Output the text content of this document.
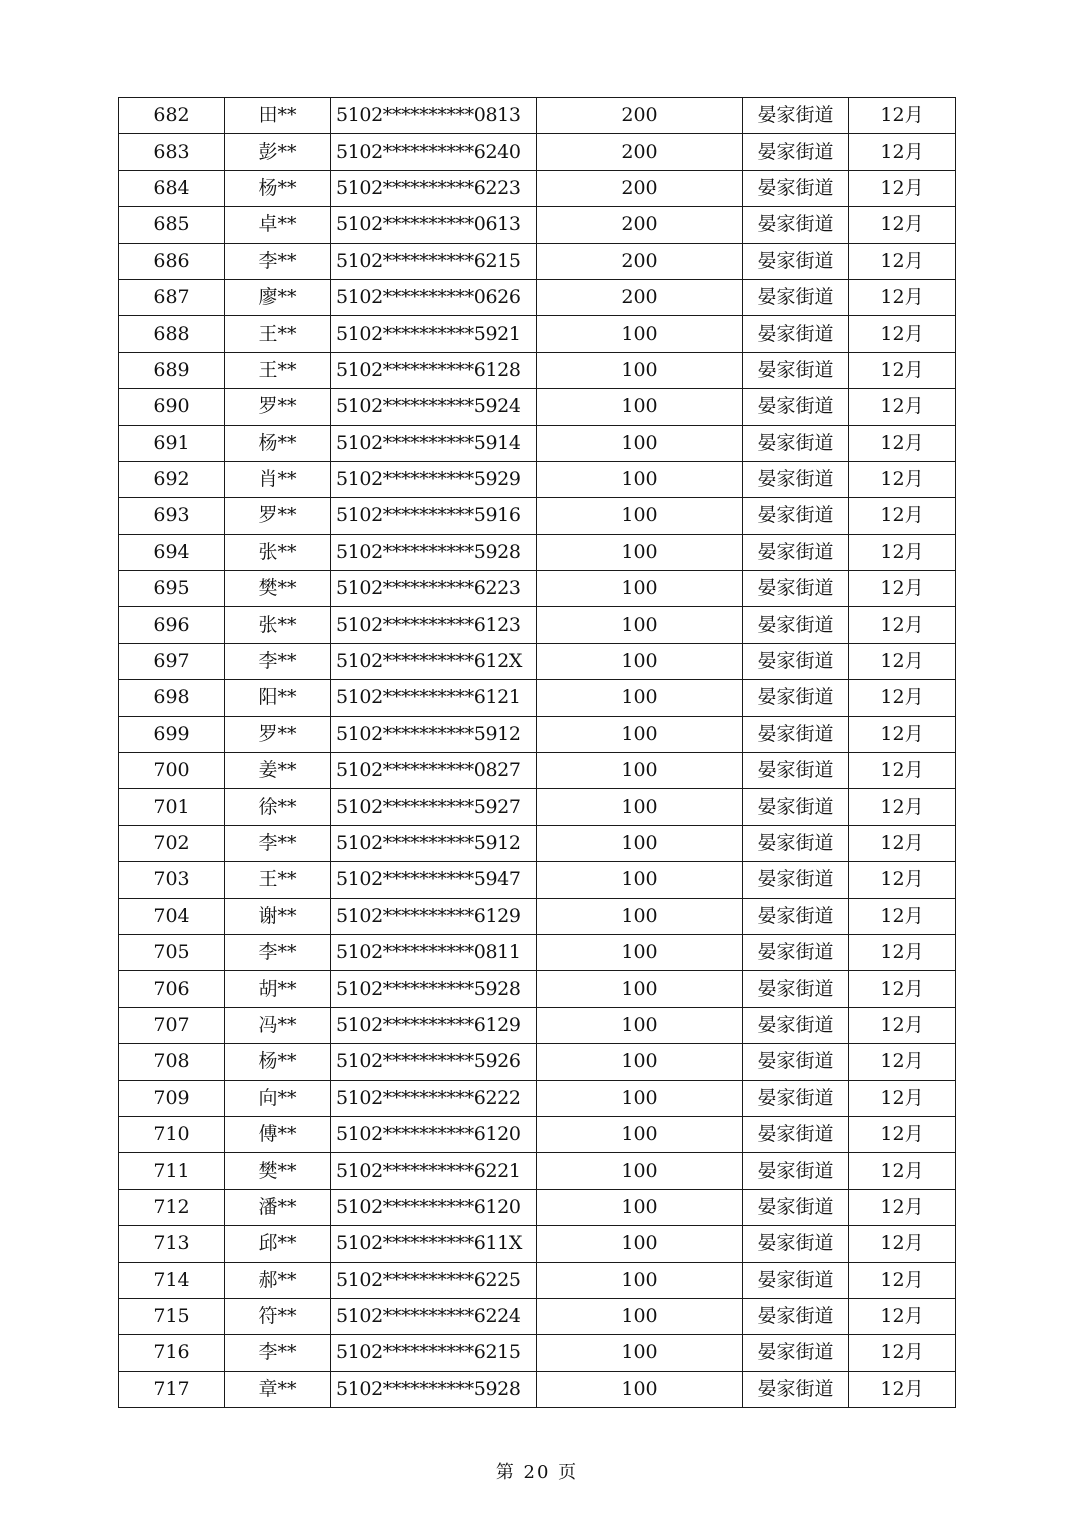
682	田**	5102**********0813	200	晏家街道	12月
683	彭**	5102**********6240	200	晏家街道	12月
684	杨**	5102**********6223	200	晏家街道	12月
685	卓**	5102**********0613	200	晏家街道	12月
686	李**	5102**********6215	200	晏家街道	12月
687	廖**	5102**********0626	200	晏家街道	12月
688	王**	5102**********5921	100	晏家街道	12月
689	王**	5102**********6128	100	晏家街道	12月
690	罗**	5102**********5924	100	晏家街道	12月
691	杨**	5102**********5914	100	晏家街道	12月
692	肖**	5102**********5929	100	晏家街道	12月
693	罗**	5102**********5916	100	晏家街道	12月
694	张**	5102**********5928	100	晏家街道	12月
695	樊**	5102**********6223	100	晏家街道	12月
696	张**	5102**********6123	100	晏家街道	12月
697	李**	5102**********612X	100	晏家街道	12月
698	阳**	5102**********6121	100	晏家街道	12月
699	罗**	5102**********5912	100	晏家街道	12月
700	姜**	5102**********0827	100	晏家街道	12月
701	徐**	5102**********5927	100	晏家街道	12月
702	李**	5102**********5912	100	晏家街道	12月
703	王**	5102**********5947	100	晏家街道	12月
704	谢**	5102**********6129	100	晏家街道	12月
705	李**	5102**********0811	100	晏家街道	12月
706	胡**	5102**********5928	100	晏家街道	12月
707	冯**	5102**********6129	100	晏家街道	12月
708	杨**	5102**********5926	100	晏家街道	12月
709	向**	5102**********6222	100	晏家街道	12月
710	傅**	5102**********6120	100	晏家街道	12月
711	樊**	5102**********6221	100	晏家街道	12月
712	潘**	5102**********6120	100	晏家街道	12月
713	邱**	5102**********611X	100	晏家街道	12月
714	郝**	5102**********6225	100	晏家街道	12月
715	符**	5102**********6224	100	晏家街道	12月
716	李**	5102**********6215	100	晏家街道	12月
717	章**	5102**********5928	100	晏家街道	12月
第 20 页
